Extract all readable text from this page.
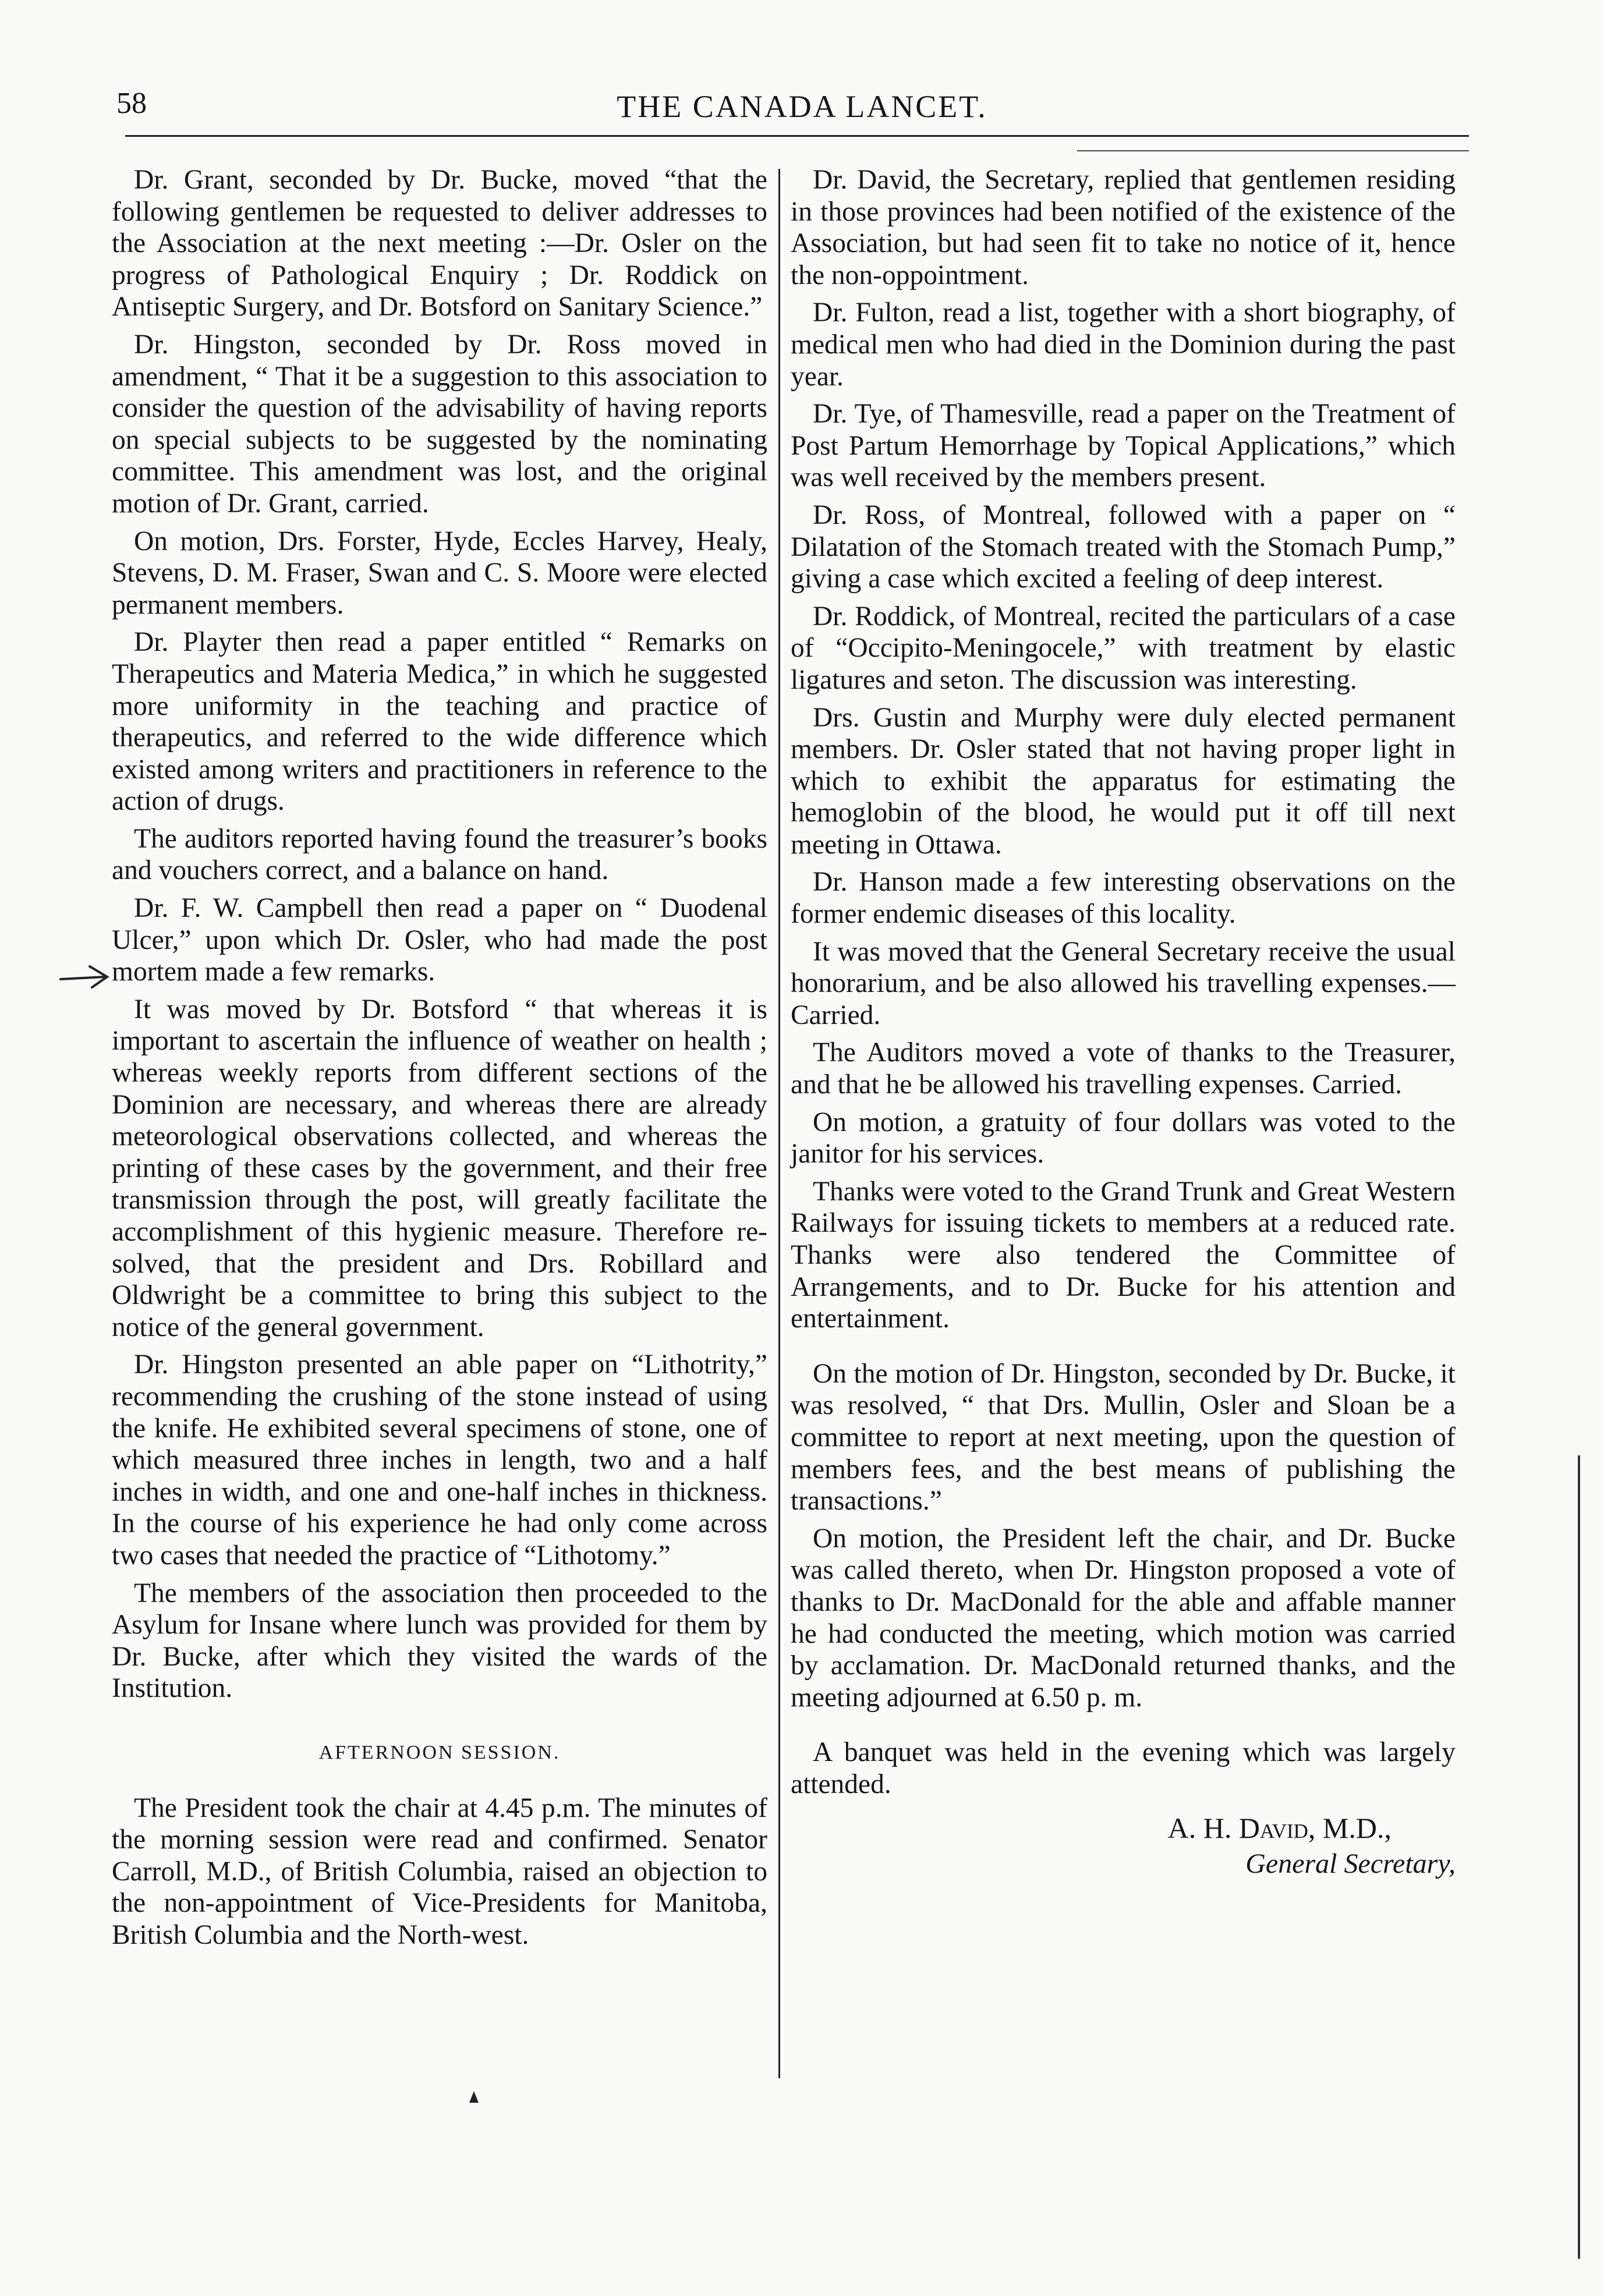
58	THE CANADA LANCET.

Dr. Grant, seconded by Dr. Bucke, moved “that the following gentlemen be requested to deliver addresses to the Association at the next meeting :—Dr. Osler on the progress of Pathological Enquiry ; Dr. Roddick on Antiseptic Surgery, and Dr. Botsford on Sanitary Science.”

Dr. Hingston, seconded by Dr. Ross moved in amendment, “ That it be a suggestion to this association to consider the question of the advisability of having reports on special subjects to be suggested by the nominating committee. This amendment was lost, and the original motion of Dr. Grant, carried.

On motion, Drs. Forster, Hyde, Eccles Harvey, Healy, Stevens, D. M. Fraser, Swan and C. S. Moore were elected permanent members.

Dr. Playter then read a paper entitled “ Remarks on Therapeutics and Materia Medica,” in which he suggested more uniformity in the teaching and practice of therapeutics, and referred to the wide difference which existed among writers and practitioners in reference to the action of drugs.

The auditors reported having found the treasurer’s books and vouchers correct, and a balance on hand.

Dr. F. W. Campbell then read a paper on “ Duodenal Ulcer,” upon which Dr. Osler, who had made the post mortem made a few remarks.

It was moved by Dr. Botsford “ that whereas it is important to ascertain the influence of weather on health ; whereas weekly reports from different sections of the Dominion are necessary, and whereas there are already meteorological observations collected, and whereas the printing of these cases by the government, and their free transmission through the post, will greatly facilitate the accomplishment of this hygienic measure. Therefore resolved, that the president and Drs. Robillard and Oldwright be a committee to bring this subject to the notice of the general government.

Dr. Hingston presented an able paper on “Lithotrity,” recommending the crushing of the stone instead of using the knife. He exhibited several specimens of stone, one of which measured three inches in length, two and a half inches in width, and one and one-half inches in thickness. In the course of his experience he had only come across two cases that needed the practice of “Lithotomy.”

The members of the association then proceeded to the Asylum for Insane where lunch was provided for them by Dr. Bucke, after which they visited the wards of the Institution.

AFTERNOON SESSION.

The President took the chair at 4.45 p.m. The minutes of the morning session were read and confirmed. Senator Carroll, M.D., of British Columbia, raised an objection to the non-appointment of Vice-Presidents for Manitoba, British Columbia and the North-west.

Dr. David, the Secretary, replied that gentlemen residing in those provinces had been notified of the existence of the Association, but had seen fit to take no notice of it, hence the non-oppointment.

Dr. Fulton, read a list, together with a short biography, of medical men who had died in the Dominion during the past year.

Dr. Tye, of Thamesville, read a paper on the Treatment of Post Partum Hemorrhage by Topical Applications,” which was well received by the members present.

Dr. Ross, of Montreal, followed with a paper on “ Dilatation of the Stomach treated with the Stomach Pump,” giving a case which excited a feeling of deep interest.

Dr. Roddick, of Montreal, recited the particulars of a case of “Occipito-Meningocele,” with treatment by elastic ligatures and seton. The discussion was interesting.

Drs. Gustin and Murphy were duly elected permanent members. Dr. Osler stated that not having proper light in which to exhibit the apparatus for estimating the hemoglobin of the blood, he would put it off till next meeting in Ottawa.

Dr. Hanson made a few interesting observations on the former endemic diseases of this locality.

It was moved that the General Secretary receive the usual honorarium, and be also allowed his travelling expenses.—Carried.

The Auditors moved a vote of thanks to the Treasurer, and that he be allowed his travelling expenses. Carried.

On motion, a gratuity of four dollars was voted to the janitor for his services.

Thanks were voted to the Grand Trunk and Great Western Railways for issuing tickets to members at a reduced rate. Thanks were also tendered the Committee of Arrangements, and to Dr. Bucke for his attention and entertainment.

On the motion of Dr. Hingston, seconded by Dr. Bucke, it was resolved, “ that Drs. Mullin, Osler and Sloan be a committee to report at next meeting, upon the question of members fees, and the best means of publishing the transactions.”

On motion, the President left the chair, and Dr. Bucke was called thereto, when Dr. Hingston proposed a vote of thanks to Dr. MacDonald for the able and affable manner he had conducted the meeting, which motion was carried by acclamation. Dr. MacDonald returned thanks, and the meeting adjourned at 6.50 p. m.

A banquet was held in the evening which was largely attended.

A. H. David, M.D.,
General Secretary,
